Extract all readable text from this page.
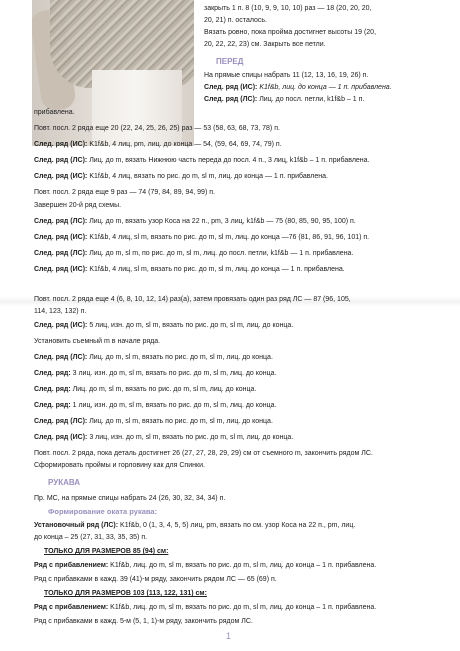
закрыть 1 п. 8 (10, 9, 9, 10, 10) раз — 18 (20, 20, 20,
20, 21) п. осталось.
Вязать ровно, пока пройма достигнет высоты 19 (20,
20, 22, 22, 23) см. Закрыть все петли.
ПЕРЕД
На прямые спицы набрать 11 (12, 13, 16, 19, 26) п.
След. ряд (ИС): K1f&b, лиц. до конца — 1 п. прибавлена.
След. ряд (ЛС): Лиц. до посл. петли, k1f&b – 1 п.
прибавлена.
Повт. посл. 2 ряда еще 20 (22, 24, 25, 26, 25) раз — 53 (58, 63, 68, 73, 78) п.
След. ряд (ИС): K1f&b, 4 лиц, pm, лиц. до конца — 54, (59, 64, 69, 74, 79) п.
След. ряд (ЛС): Лиц. до m, вязать Нижнюю часть переда до посл. 4 п., 3 лиц, k1f&b – 1 п. прибавлена.
След. ряд (ИС): K1f&b, 4 лиц, вязать по рис. до m, sl m, лиц. до конца — 1 п. прибавлена.
Повт. посл. 2 ряда еще 9 раз — 74 (79, 84, 89, 94, 99) п.
Завершен 20-й ряд схемы.
След. ряд (ЛС): Лиц. до m, вязать узор Коса на 22 п., pm, 3 лиц, k1f&b — 75 (80, 85, 90, 95, 100) п.
След. ряд (ИС): K1f&b, 4 лиц, sl m, вязать по рис. до m, sl m, лиц. до конца —76 (81, 86, 91, 96, 101) п.
След. ряд (ЛС): Лиц. до m, sl m, по рис. до m, sl m, лиц. до посл. петли, k1f&b — 1 п. прибавлена.
След. ряд (ИС): K1f&b, 4 лиц, sl m, вязать по рис. до m, sl m, лиц. до конца — 1 п. прибавлена.
Повт. посл. 2 ряда еще 4 (6, 8, 10, 12, 14) раз(а), затем провязать один раз ряд ЛС — 87 (96, 105,
114, 123, 132) п.
След. ряд (ИС): 5 лиц, изн. до m, sl m, вязать по рис. до m, sl m, лиц. до конца.
Установить съемный m в начале ряда.
След. ряд (ЛС): Лиц. до m, sl m, вязать по рис. до m, sl m, лиц. до конца.
След. ряд: 3 лиц. изн. до m, sl m, вязать по рис. до m, sl m, лиц. до конца.
След. ряд: Лиц. до m, sl m, вязать по рис. до m, sl m, лиц. до конца.
След. ряд: 1 лиц, изн. до m, sl m, вязать по рис. до m, sl m, лиц. до конца.
След. ряд (ЛС): Лиц. до m, sl m, вязать по рис. до m, sl m, лиц. до конца.
След. ряд (ИС): 3 лиц, изн. до m, sl m, вязать по рис. до m, sl m, лиц. до конца.
Повт. посл. 2 ряда, пока деталь достигнет 26 (27, 27, 28, 29, 29) см от съемного m, закончить рядом ЛС.
Сформировать проймы и горловину как для Спинки.
РУКАВА
Пр. МС, на прямые спицы набрать 24 (26, 30, 32, 34, 34) п.
Формирование оката рукава:
Установочный ряд (ЛС): K1f&b, 0 (1, 3, 4, 5, 5) лиц, pm, вязать по см. узор Коса на 22 п., pm, лиц.
до конца – 25 (27, 31, 33, 35, 35) п.
ТОЛЬКО ДЛЯ РАЗМЕРОВ 85 (94) см:
Ряд с прибавлением: K1f&b, лиц. до m, sl m, вязать по рис. до m, sl m, лиц. до конца – 1 п. прибавлена.
Ряд с прибавками в кажд. 39 (41)-м ряду, закончить рядом ЛС — 65 (69) п.
ТОЛЬКО ДЛЯ РАЗМЕРОВ 103 (113, 122, 131) см:
Ряд с прибавлением: K1f&b, лиц. до m, sl m, вязать по рис. до m, sl m, лиц. до конца – 1 п. прибавлена.
Ряд с прибавками в кажд. 5-м (5, 1, 1)-м ряду, закончить рядом ЛС.
1
